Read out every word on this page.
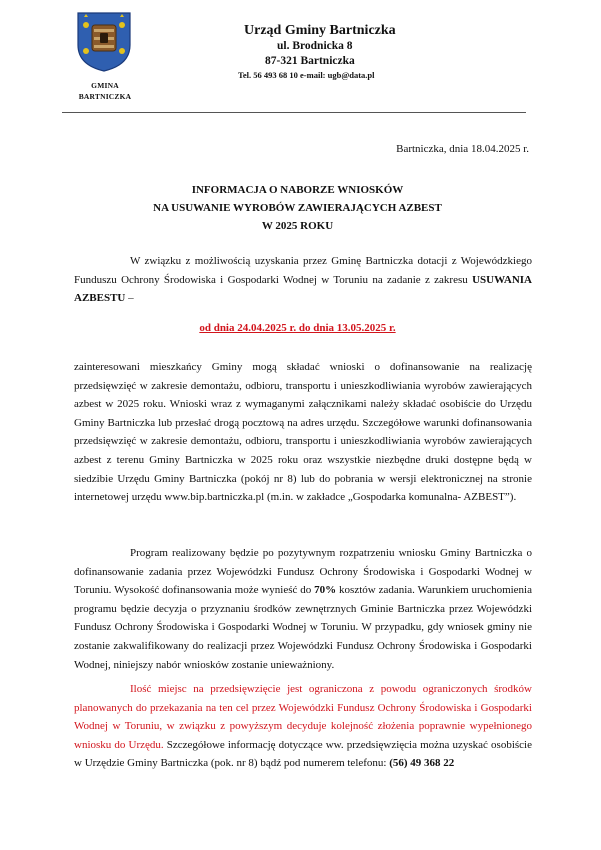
GMINA
BARTNICZKA
Urząd Gminy Bartniczka
ul. Brodnicka 8
87-321 Bartniczka
Tel. 56 493 68 10 e-mail: ugb@data.pl
Bartniczka, dnia 18.04.2025 r.
INFORMACJA O NABORZE WNIOSKÓW
NA USUWANIE WYROBÓW ZAWIERAJĄCYCH AZBEST
W 2025 ROKU
W związku z możliwością uzyskania przez Gminę Bartniczka dotacji z Wojewódzkiego Funduszu Ochrony Środowiska i Gospodarki Wodnej w Toruniu na zadanie z zakresu USUWANIA AZBESTU –
od dnia 24.04.2025 r. do dnia 13.05.2025 r.
zainteresowani mieszkańcy Gminy mogą składać wnioski o dofinansowanie na realizację przedsięwzięć w zakresie demontażu, odbioru, transportu i unieszkodliwiania wyrobów zawierających azbest w 2025 roku. Wnioski wraz z wymaganymi załącznikami należy składać osobiście do Urzędu Gminy Bartniczka lub przesłać drogą pocztową na adres urzędu. Szczegółowe warunki dofinansowania przedsięwzięć w zakresie demontażu, odbioru, transportu i unieszkodliwiania wyrobów zawierających azbest z terenu Gminy Bartniczka w 2025 roku oraz wszystkie niezbędne druki dostępne będą w siedzibie Urzędu Gminy Bartniczka (pokój nr 8) lub do pobrania w wersji elektronicznej na stronie internetowej urzędu www.bip.bartniczka.pl (m.in. w zakładce „Gospodarka komunalna- AZBEST”).
Program realizowany będzie po pozytywnym rozpatrzeniu wniosku Gminy Bartniczka o dofinansowanie zadania przez Wojewódzki Fundusz Ochrony Środowiska i Gospodarki Wodnej w Toruniu. Wysokość dofinansowania może wynieść do 70% kosztów zadania. Warunkiem uruchomienia programu będzie decyzja o przyznaniu środków zewnętrznych Gminie Bartniczka przez Wojewódzki Fundusz Ochrony Środowiska i Gospodarki Wodnej w Toruniu. W przypadku, gdy wniosek gminy nie zostanie zakwalifikowany do realizacji przez Wojewódzki Fundusz Ochrony Środowiska i Gospodarki Wodnej, niniejszy nabór wniosków zostanie unieważniony.
Ilość miejsc na przedsięwzięcie jest ograniczona z powodu ograniczonych środków planowanych do przekazania na ten cel przez Wojewódzki Fundusz Ochrony Środowiska i Gospodarki Wodnej w Toruniu, w związku z powyższym decyduje kolejność złożenia poprawnie wypełnionego wniosku do Urzędu. Szczegółowe informację dotyczące ww. przedsięwzięcia można uzyskać osobiście w Urzędzie Gminy Bartniczka (pok. nr 8) bądź pod numerem telefonu: (56) 49 368 22
